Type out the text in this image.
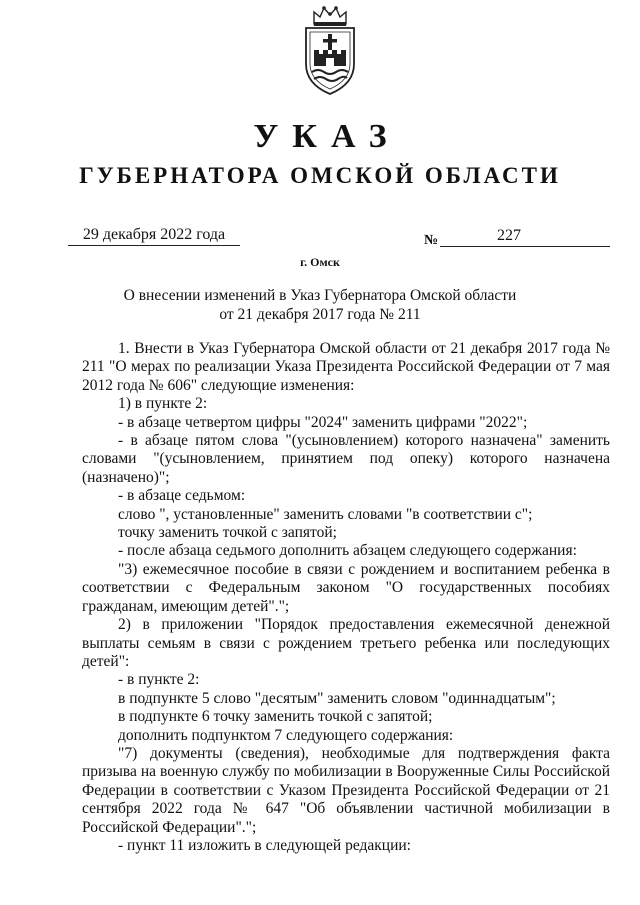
УКАЗ
ГУБЕРНАТОРА ОМСКОЙ ОБЛАСТИ
29 декабря 2022 года	№	227
г. Омск
О внесении изменений в Указ Губернатора Омской области
от 21 декабря 2017 года № 211

1. Внести в Указ Губернатора Омской области от 21 декабря 2017 года № 211 "О мерах по реализации Указа Президента Российской Федерации от 7 мая 2012 года № 606" следующие изменения:

1) в пункте 2:

- в абзаце четвертом цифры "2024" заменить цифрами "2022";

- в абзаце пятом слова "(усыновлением) которого назначена" заменить словами "(усыновлением, принятием под опеку) которого назначена (назначено)";

- в абзаце седьмом:

слово ", установленные" заменить словами "в соответствии с";

точку заменить точкой с запятой;

- после абзаца седьмого дополнить абзацем следующего содержания:

"3) ежемесячное пособие в связи с рождением и воспитанием ребенка в соответствии с Федеральным законом "О государственных пособиях гражданам, имеющим детей".";

2) в приложении "Порядок предоставления ежемесячной денежной выплаты семьям в связи с рождением третьего ребенка или последующих детей":

- в пункте 2:

в подпункте 5 слово "десятым" заменить словом "одиннадцатым";

в подпункте 6 точку заменить точкой с запятой;

дополнить подпунктом 7 следующего содержания:

"7) документы (сведения), необходимые для подтверждения факта призыва на военную службу по мобилизации в Вооруженные Силы Российской Федерации в соответствии с Указом Президента Российской Федерации от 21 сентября 2022 года № 647 "Об объявлении частичной мобилизации в Российской Федерации".";

- пункт 11 изложить в следующей редакции:
